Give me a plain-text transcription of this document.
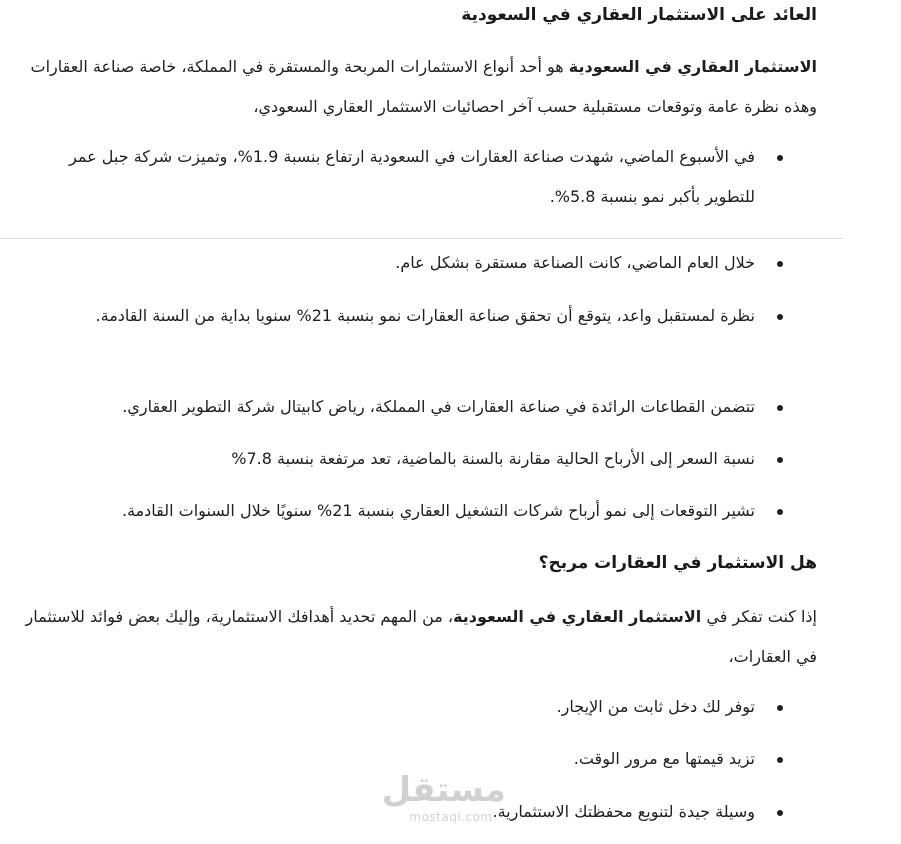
العائد على الاستثمار العقاري في السعودية

الاستثمار العقاري في السعودية هو أحد أنواع الاستثمارات المربحة والمستقرة في المملكة، خاصة صناعة العقارات وهذه نظرة عامة وتوقعات مستقبلية حسب آخر احصائيات الاستثمار العقاري السعودي،

في الأسبوع الماضي، شهدت صناعة العقارات في السعودية ارتفاع بنسبة 1.9%، وتميزت شركة جبل عمر للتطوير بأكبر نمو بنسبة 5.8%.
خلال العام الماضي، كانت الصناعة مستقرة بشكل عام.
نظرة لمستقبل واعد، يتوقع أن تحقق صناعة العقارات نمو بنسبة 21% سنويا بداية من السنة القادمة.
تتضمن القطاعات الرائدة في صناعة العقارات في المملكة، رياض كابيتال شركة التطوير العقاري.
نسبة السعر إلى الأرباح الحالية مقارنة بالسنة بالماضية، تعد مرتفعة بنسبة 7.8%
تشير التوقعات إلى نمو أرباح شركات التشغيل العقاري بنسبة 21% سنويًا خلال السنوات القادمة.
هل الاستثمار في العقارات مربح؟

إذا كنت تفكر في الاستثمار العقاري في السعودية، من المهم تحديد أهدافك الاستثمارية، وإليك بعض فوائد للاستثمار في العقارات،

توفر لك دخل ثابت من الإيجار.
تزيد قيمتها مع مرور الوقت.
وسيلة جيدة لتنويع محفظتك الاستثمارية.
مستقل
mostaql.com
